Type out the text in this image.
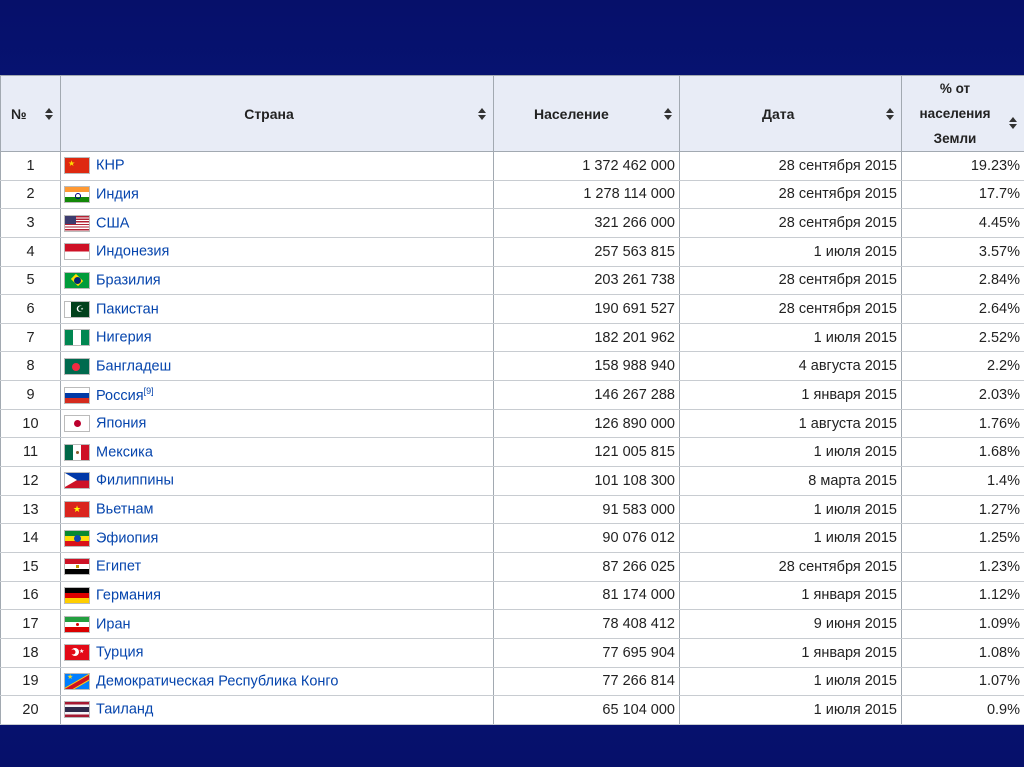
№	Страна	Население	Дата	% от
населения
Земли

1	★ КНР	1 372 462 000	28 сентября 2015	19.23%
2	Индия	1 278 114 000	28 сентября 2015	17.7%
3	США	321 266 000	28 сентября 2015	4.45%
4	Индонезия	257 563 815	1 июля 2015	3.57%
5	Бразилия	203 261 738	28 сентября 2015	2.84%
6	☪ Пакистан	190 691 527	28 сентября 2015	2.64%
7	Нигерия	182 201 962	1 июля 2015	2.52%
8	Бангладеш	158 988 940	4 августа 2015	2.2%
9	Россия[9]	146 267 288	1 января 2015	2.03%
10	Япония	126 890 000	1 августа 2015	1.76%
11	Мексика	121 005 815	1 июля 2015	1.68%
12	Филиппины	101 108 300	8 марта 2015	1.4%
13	★ Вьетнам	91 583 000	1 июля 2015	1.27%
14	Эфиопия	90 076 012	1 июля 2015	1.25%
15	Египет	87 266 025	28 сентября 2015	1.23%
16	Германия	81 174 000	1 января 2015	1.12%
17	Иран	78 408 412	9 июня 2015	1.09%
18	★ Турция	77 695 904	1 января 2015	1.08%
19	★ Демократическая Республика Конго	77 266 814	1 июля 2015	1.07%
20	Таиланд	65 104 000	1 июля 2015	0.9%
